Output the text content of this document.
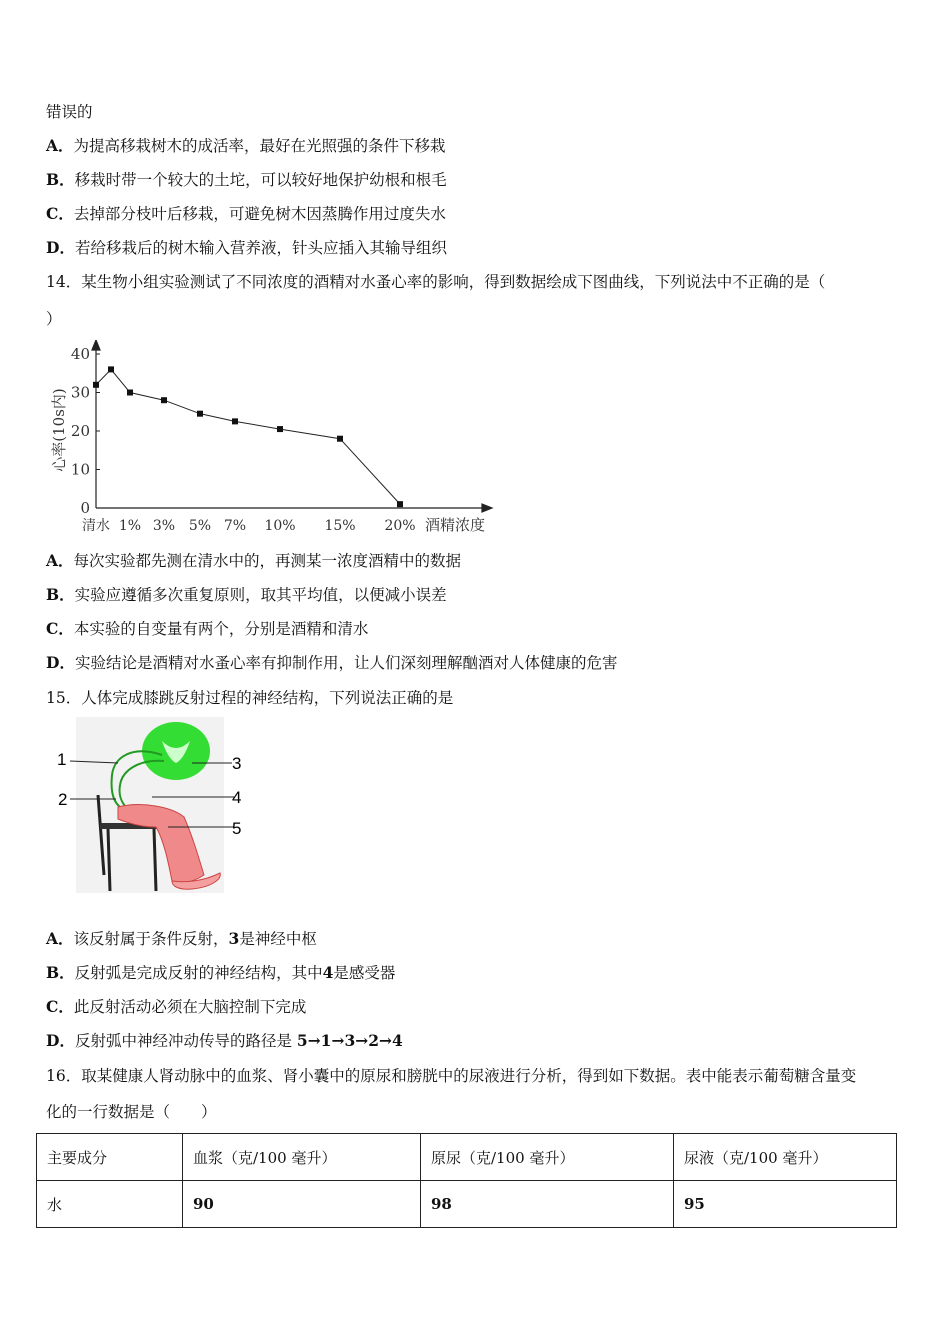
错误的
A．为提高移栽树木的成活率，最好在光照强的条件下移栽
B．移栽时带一个较大的土坨，可以较好地保护幼根和根毛
C．去掉部分枝叶后移栽，可避免树木因蒸腾作用过度失水
D．若给移栽后的树木输入营养液，针头应插入其输导组织
14．某生物小组实验测试了不同浓度的酒精对水蚤心率的影响，得到数据绘成下图曲线，下列说法中不正确的是（
）
0
10
20
30
40
清水 1% 3% 5% 7% 10% 15% 20%
心率(10s内)
酒精浓度
A．每次实验都先测在清水中的，再测某一浓度酒精中的数据
B．实验应遵循多次重复原则，取其平均值，以便减小误差
C．本实验的自变量有两个，分别是酒精和清水
D．实验结论是酒精对水蚤心率有抑制作用，让人们深刻理解酗酒对人体健康的危害
15．人体完成膝跳反射过程的神经结构，下列说法正确的是
1
2
3
4
5
A．该反射属于条件反射，3是神经中枢
B．反射弧是完成反射的神经结构，其中4是感受器
C．此反射活动必须在大脑控制下完成
D．反射弧中神经冲动传导的路径是 5→1→3→2→4
16．取某健康人肾动脉中的血浆、肾小囊中的原尿和膀胱中的尿液进行分析，得到如下数据。表中能表示葡萄糖含量变
化的一行数据是（　　）
主要成分	血浆（克/100 毫升）	原尿（克/100 毫升）	尿液（克/100 毫升）
水	90	98	95
